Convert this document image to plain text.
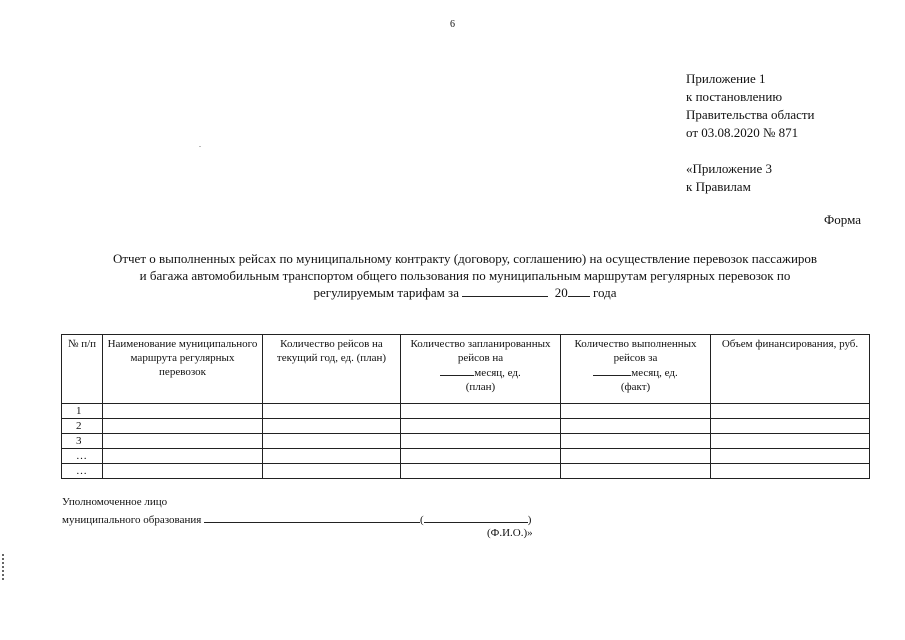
6
Приложение 1
к постановлению
Правительства области
от 03.08.2020 № 871
«Приложение 3
к Правилам
Форма
Отчет о выполненных рейсах по муниципальному контракту (договору, соглашению) на осуществление перевозок пассажиров
и багажа автомобильным транспортом общего пользования по муниципальным маршрутам регулярных перевозок по
регулируемым тарифам за	20 года
№ п/п	Наименование муниципального маршрута регулярных перевозок	Количество рейсов на текущий год, ед. (план)	Количество запланированных рейсов на
месяц, ед.
(план)	Количество выполненных рейсов за
месяц, ед.
(факт)	Объем финансирования, руб.
1					
2					
3					
…					
…					
Уполномоченное лицо
муниципального образования	(	)
(Ф.И.О.)»
